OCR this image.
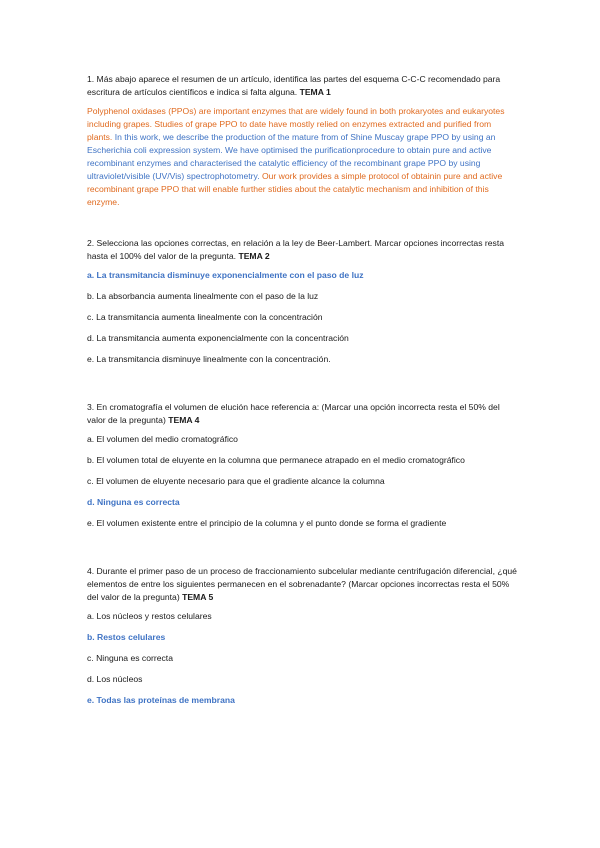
1. Más abajo aparece el resumen de un artículo, identifica las partes del esquema C-C-C recomendado para escritura de artículos científicos e indica si falta alguna. TEMA 1

Polyphenol oxidases (PPOs) are important enzymes that are widely found in both prokaryotes and eukaryotes including grapes. Studies of grape PPO to date have mostly relied on enzymes extracted and purified from plants. In this work, we describe the production of the mature from of Shine Muscay grape PPO by using an Escherichia coli expression system. We have optimised the purificationprocedure to obtain pure and active recombinant enzymes and characterised the catalytic efficiency of the recombinant grape PPO by using ultraviolet/visible (UV/Vis) spectrophotometry. Our work provides a simple protocol of obtainin pure and active recombinant grape PPO that will enable further stidies about the catalytic mechanism and inhibition of this enzyme.

2. Selecciona las opciones correctas, en relación a la ley de Beer-Lambert. Marcar opciones incorrectas resta hasta el 100% del valor de la pregunta. TEMA 2

a. La transmitancia disminuye exponencialmente con el paso de luz

b. La absorbancia aumenta linealmente con el paso de la luz

c. La transmitancia aumenta linealmente con la concentración

d. La transmitancia aumenta exponencialmente con la concentración

e. La transmitancia disminuye linealmente con la concentración.

3. En cromatografía el volumen de elución hace referencia a: (Marcar una opción incorrecta resta el 50% del valor de la pregunta) TEMA 4

a. El volumen del medio cromatográfico

b. El volumen total de eluyente en la columna que permanece atrapado en el medio cromatográfico

c. El volumen de eluyente necesario para que el gradiente alcance la columna

d. Ninguna es correcta

e. El volumen existente entre el principio de la columna y el punto donde se forma el gradiente

4. Durante el primer paso de un proceso de fraccionamiento subcelular mediante centrifugación diferencial, ¿qué elementos de entre los siguientes permanecen en el sobrenadante? (Marcar opciones incorrectas resta el 50% del valor de la pregunta) TEMA 5

a. Los núcleos y restos celulares

b. Restos celulares

c. Ninguna es correcta

d. Los núcleos

e. Todas las proteínas de membrana
